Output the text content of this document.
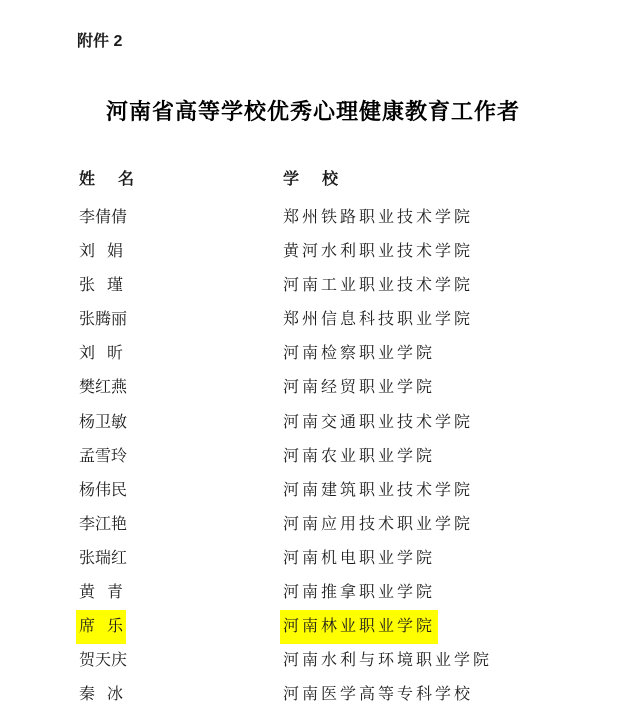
附件 2
河南省高等学校优秀心理健康教育工作者
姓 名	学 校
李倩倩	郑州铁路职业技术学院
刘 娟	黄河水利职业技术学院
张 瑾	河南工业职业技术学院
张腾丽	郑州信息科技职业学院
刘 昕	河南检察职业学院
樊红燕	河南经贸职业学院
杨卫敏	河南交通职业技术学院
孟雪玲	河南农业职业学院
杨伟民	河南建筑职业技术学院
李江艳	河南应用技术职业学院
张瑞红	河南机电职业学院
黄 青	河南推拿职业学院
席 乐	河南林业职业学院
贺天庆	河南水利与环境职业学院
秦 冰	河南医学高等专科学校
